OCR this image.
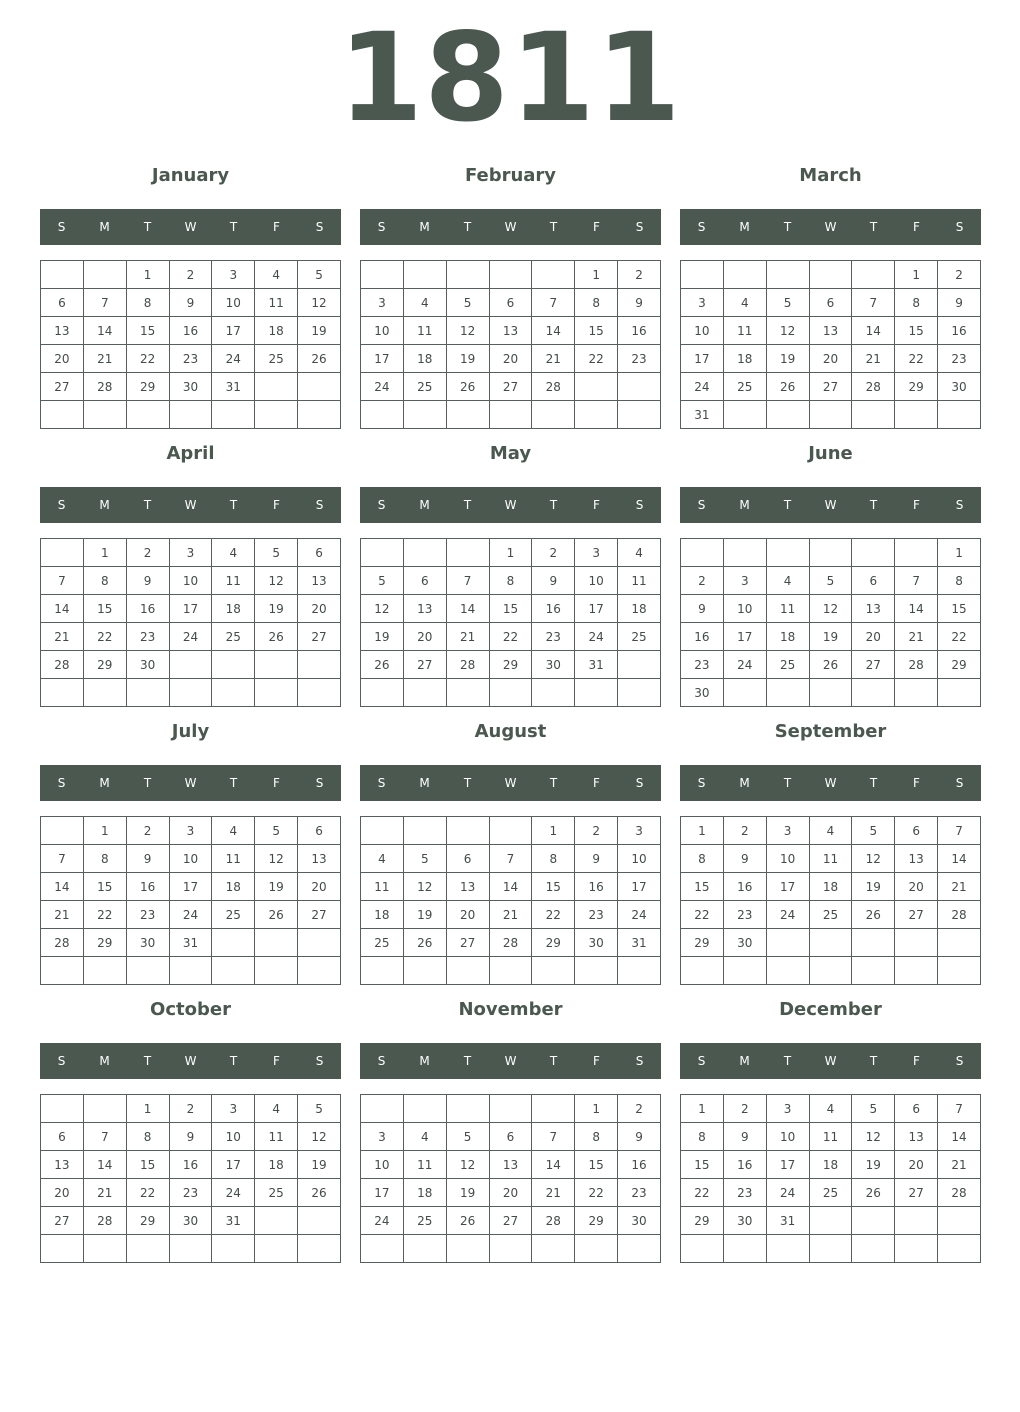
1811
January
S	M	T	W	T	F	S
		1	2	3	4	5
6	7	8	9	10	11	12
13	14	15	16	17	18	19
20	21	22	23	24	25	26
27	28	29	30	31		

February
S	M	T	W	T	F	S
					1	2
3	4	5	6	7	8	9
10	11	12	13	14	15	16
17	18	19	20	21	22	23
24	25	26	27	28		

March
S	M	T	W	T	F	S
					1	2
3	4	5	6	7	8	9
10	11	12	13	14	15	16
17	18	19	20	21	22	23
24	25	26	27	28	29	30
31						
April
S	M	T	W	T	F	S
	1	2	3	4	5	6
7	8	9	10	11	12	13
14	15	16	17	18	19	20
21	22	23	24	25	26	27
28	29	30				

May
S	M	T	W	T	F	S
			1	2	3	4
5	6	7	8	9	10	11
12	13	14	15	16	17	18
19	20	21	22	23	24	25
26	27	28	29	30	31	

June
S	M	T	W	T	F	S
						1
2	3	4	5	6	7	8
9	10	11	12	13	14	15
16	17	18	19	20	21	22
23	24	25	26	27	28	29
30						
July
S	M	T	W	T	F	S
	1	2	3	4	5	6
7	8	9	10	11	12	13
14	15	16	17	18	19	20
21	22	23	24	25	26	27
28	29	30	31			

August
S	M	T	W	T	F	S
				1	2	3
4	5	6	7	8	9	10
11	12	13	14	15	16	17
18	19	20	21	22	23	24
25	26	27	28	29	30	31

September
S	M	T	W	T	F	S
1	2	3	4	5	6	7
8	9	10	11	12	13	14
15	16	17	18	19	20	21
22	23	24	25	26	27	28
29	30					

October
S	M	T	W	T	F	S
		1	2	3	4	5
6	7	8	9	10	11	12
13	14	15	16	17	18	19
20	21	22	23	24	25	26
27	28	29	30	31		

November
S	M	T	W	T	F	S
					1	2
3	4	5	6	7	8	9
10	11	12	13	14	15	16
17	18	19	20	21	22	23
24	25	26	27	28	29	30

December
S	M	T	W	T	F	S
1	2	3	4	5	6	7
8	9	10	11	12	13	14
15	16	17	18	19	20	21
22	23	24	25	26	27	28
29	30	31				
